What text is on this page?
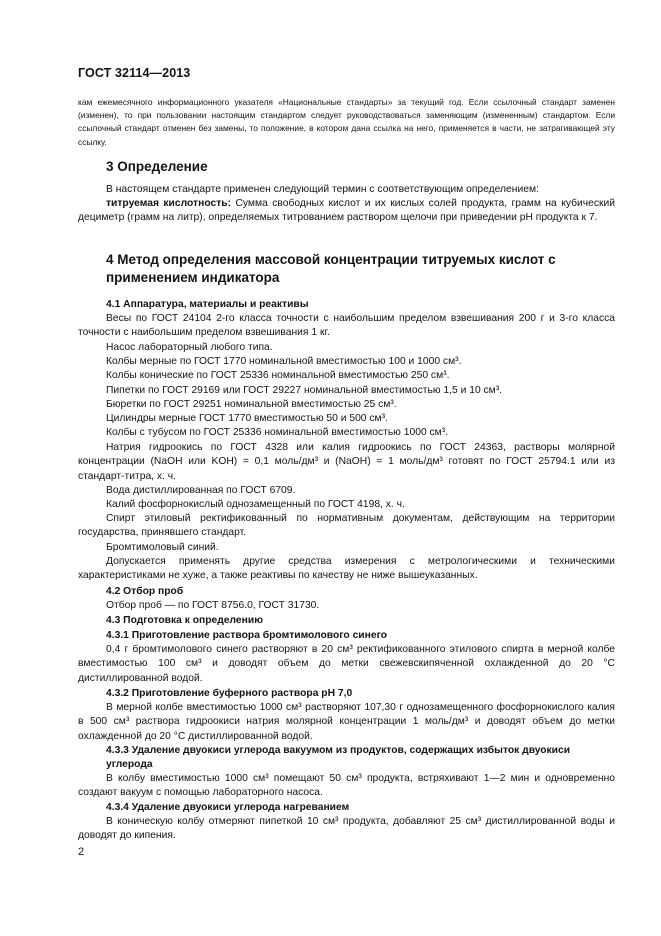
ГОСТ 32114—2013
кам ежемесячного информационного указателя «Национальные стандарты» за текущий год. Если ссылочный стандарт заменен (изменен), то при пользовании настоящим стандартом следует руководствоваться заменяющим (измененным) стандартом. Если ссылочный стандарт отменен без замены, то положение, в котором дана ссылка на него, применяется в части, не затрагивающей эту ссылку.
3 Определение
В настоящем стандарте применен следующий термин с соответствующим определением:
титруемая кислотность: Сумма свободных кислот и их кислых солей продукта, грамм на кубический дециметр (грамм на литр), определяемых титрованием раствором щелочи при приведении pH продукта к 7.
4 Метод определения массовой концентрации титруемых кислот с применением индикатора
4.1 Аппаратура, материалы и реактивы
Весы по ГОСТ 24104 2-го класса точности с наибольшим пределом взвешивания 200 г и 3-го класса точности с наибольшим пределом взвешивания 1 кг.
Насос лабораторный любого типа.
Колбы мерные по ГОСТ 1770 номинальной вместимостью 100 и 1000 см³.
Колбы конические по ГОСТ 25336 номинальной вместимостью 250 см³.
Пипетки по ГОСТ 29169 или ГОСТ 29227 номинальной вместимостью 1,5 и 10 см³.
Бюретки по ГОСТ 29251 номинальной вместимостью 25 см³.
Цилиндры мерные ГОСТ 1770 вместимостью 50 и 500 см³.
Колбы с тубусом по ГОСТ 25336 номинальной вместимостью 1000 см³.
Натрия гидроокись по ГОСТ 4328 или калия гидроокись по ГОСТ 24363, растворы молярной концентрации (NaOH или KOH) = 0,1 моль/дм³ и (NaOH) = 1 моль/дм³ готовят по ГОСТ 25794.1 или из стандарт-титра, х. ч.
Вода дистиллированная по ГОСТ 6709.
Калий фосфорнокислый однозамещенный по ГОСТ 4198, х. ч.
Спирт этиловый ректификованный по нормативным документам, действующим на территории государства, принявшего стандарт.
Бромтимоловый синий.
Допускается применять другие средства измерения с метрологическими и техническими характеристиками не хуже, а также реактивы по качеству не ниже вышеуказанных.
4.2 Отбор проб
Отбор проб — по ГОСТ 8756.0, ГОСТ 31730.
4.3 Подготовка к определению
4.3.1 Приготовление раствора бромтимолового синего
0,4 г бромтимолового синего растворяют в 20 см³ ректификованного этилового спирта в мерной колбе вместимостью 100 см³ и доводят объем до метки свежевскипяченной охлажденной до 20 °С дистиллированной водой.
4.3.2 Приготовление буферного раствора pH 7,0
В мерной колбе вместимостью 1000 см³ растворяют 107,30 г однозамещенного фосфорнокислого калия в 500 см³ раствора гидроокиси натрия молярной концентрации 1 моль/дм³ и доводят объем до метки охлажденной до 20 °С дистиллированной водой.
4.3.3 Удаление двуокиси углерода вакуумом из продуктов, содержащих избыток двуокиси углерода
В колбу вместимостью 1000 см³ помещают 50 см³ продукта, встряхивают 1—2 мин и одновременно создают вакуум с помощью лабораторного насоса.
4.3.4 Удаление двуокиси углерода нагреванием
В коническую колбу отмеряют пипеткой 10 см³ продукта, добавляют 25 см³ дистиллированной воды и доводят до кипения.
2
